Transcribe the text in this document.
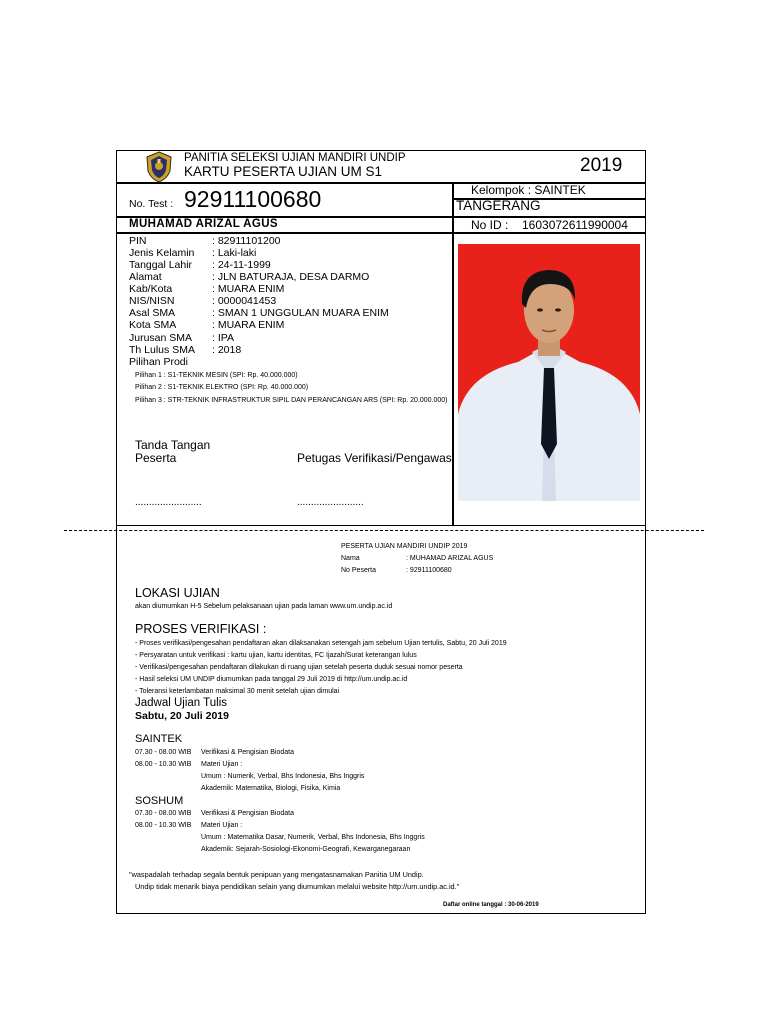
PANITIA SELEKSI UJIAN MANDIRI UNDIP
KARTU PESERTA UJIAN UM S1	2019
No. Test : 92911100680	Kelompok : SAINTEK
TANGERANG
MUHAMAD ARIZAL AGUS	No ID : 1603072611990004
PIN	: 82911101200
Jenis Kelamin : Laki-laki
Tanggal Lahir : 24-11-1999
Alamat	: JLN BATURAJA, DESA DARMO
Kab/Kota	: MUARA ENIM
NIS/NISN	: 0000041453
Asal SMA	: SMAN 1 UNGGULAN MUARA ENIM
Kota SMA	: MUARA ENIM
Jurusan SMA : IPA
Th Lulus SMA : 2018
Pilihan Prodi
Pilihan 1 : S1-TEKNIK MESIN (SPI: Rp. 40.000.000)
Pilihan 2 : S1-TEKNIK ELEKTRO (SPI: Rp. 40.000.000)
Pilihan 3 : STR-TEKNIK INFRASTRUKTUR SIPIL DAN PERANCANGAN ARS (SPI: Rp. 20.000.000)
Tanda Tangan
Peserta	Petugas Verifikasi/Pengawas
........................	........................
PESERTA UJIAN MANDIRI UNDIP 2019
Nama	: MUHAMAD ARIZAL AGUS
No Peserta	: 92911100680
LOKASI UJIAN
akan diumumkan H-5 Sebelum pelaksanaan ujian pada laman www.um.undip.ac.id
PROSES VERIFIKASI :
- Proses verifikasi/pengesahan pendaftaran akan dilaksanakan setengah jam sebelum Ujian tertulis, Sabtu, 20 Juli 2019
- Persyaratan untuk verifikasi : kartu ujian, kartu identitas, FC Ijazah/Surat keterangan lulus
- Verifikasi/pengesahan pendaftaran dilakukan di ruang ujian setelah peserta duduk sesuai nomor peserta
- Hasil seleksi UM UNDIP diumumkan pada tanggal 29 Juli 2019 di http://um.undip.ac.id
- Toleransi keterlambatan maksimal 30 menit setelah ujian dimulai
Jadwal Ujian Tulis
Sabtu, 20 Juli 2019
SAINTEK
07.30 - 08.00 WIB Verifikasi & Pengisian Biodata
08.00 - 10.30 WIB Materi Ujian :
Umum : Numerik, Verbal, Bhs Indonesia, Bhs Inggris
Akademik: Matematika, Biologi, Fisika, Kimia
SOSHUM
07.30 - 08.00 WIB Verifikasi & Pengisian Biodata
08.00 - 10.30 WIB Materi Ujian :
Umum : Matematika Dasar, Numerik, Verbal, Bhs Indonesia, Bhs Inggris
Akademik: Sejarah-Sosiologi-Ekonomi-Geografi, Kewarganegaraan
"waspadalah terhadap segala bentuk penipuan yang mengatasnamakan Panitia UM Undip.
Undip tidak menarik biaya pendidikan selain yang diumumkan melalui website http://um.undip.ac.id."
Daftar online tanggal : 30-06-2019
